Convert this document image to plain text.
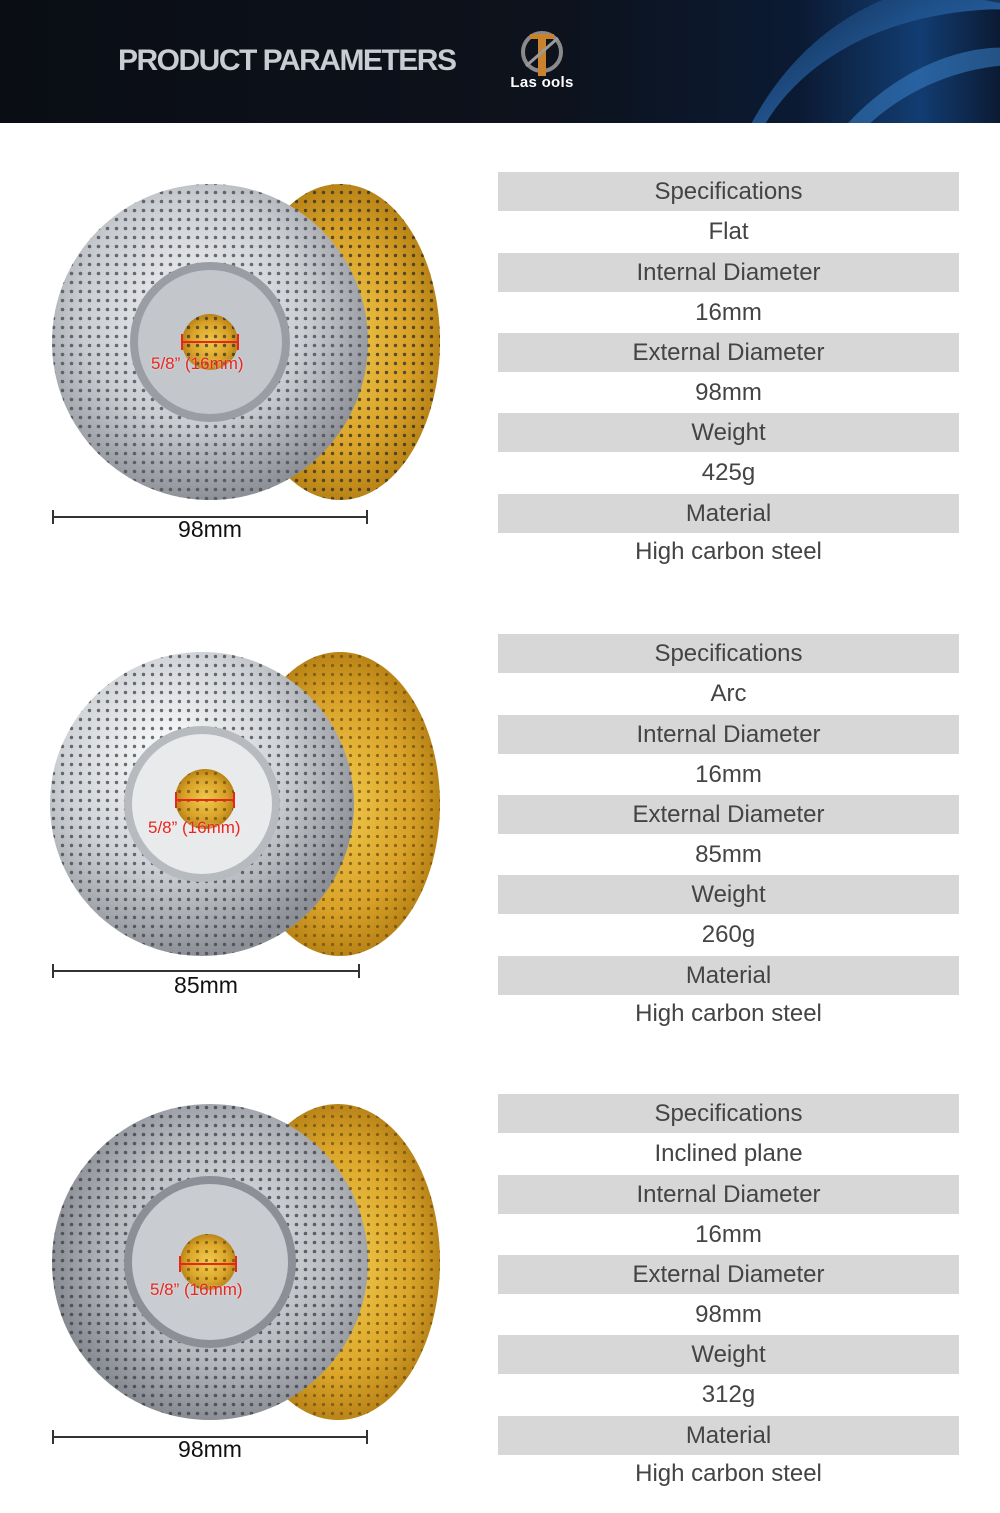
PRODUCT PARAMETERS
Las ools
5/8” (16mm)
98mm
Specifications
Flat
Internal Diameter
16mm
External Diameter
98mm
Weight
425g
Material
High carbon steel
5/8” (16mm)
85mm
Specifications
Arc
Internal Diameter
16mm
External Diameter
85mm
Weight
260g
Material
High carbon steel
5/8” (16mm)
98mm
Specifications
Inclined plane
Internal Diameter
16mm
External Diameter
98mm
Weight
312g
Material
High carbon steel
